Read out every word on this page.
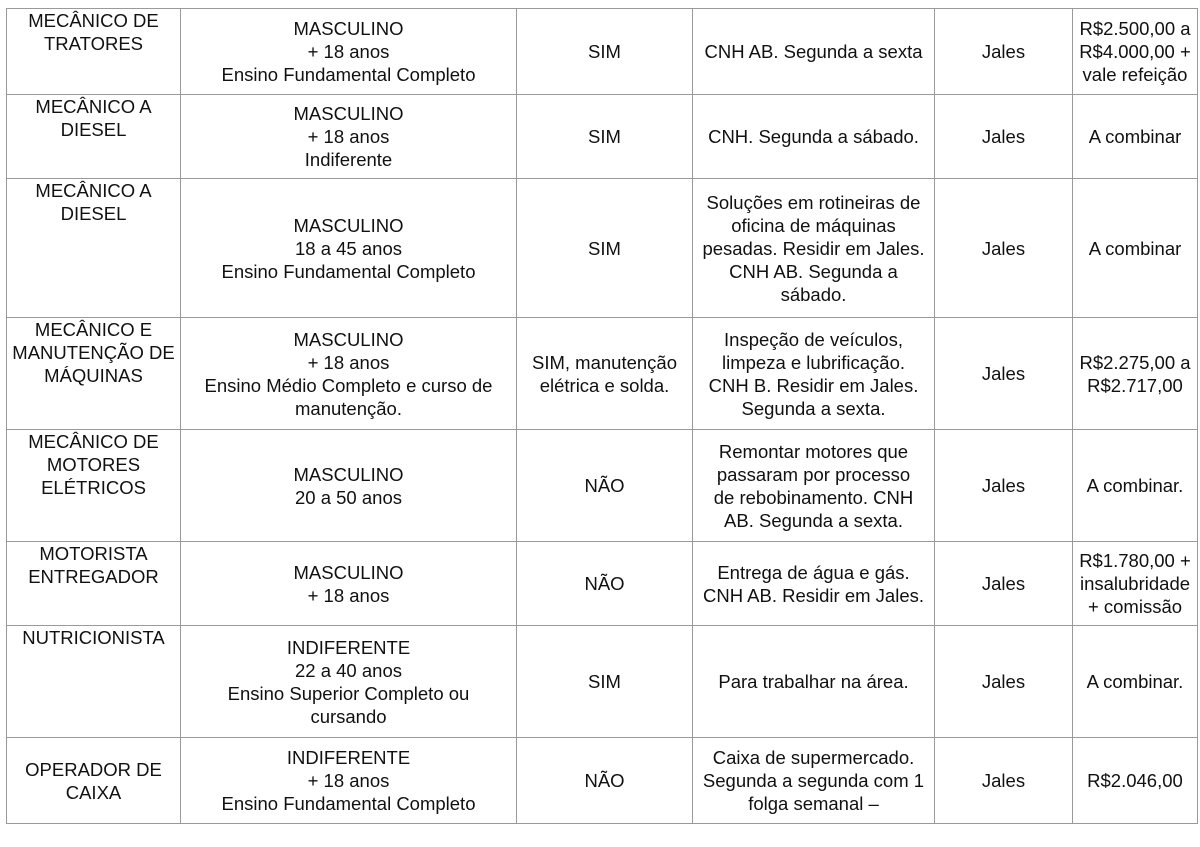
MECÂNICO DE
TRATORES	MASCULINO
+ 18 anos
Ensino Fundamental Completo	SIM	CNH AB. Segunda a sexta	Jales	R$2.500,00 a
R$4.000,00 +
vale refeição

MECÂNICO A
DIESEL	MASCULINO
+ 18 anos
Indiferente	SIM	CNH. Segunda a sábado.	Jales	A combinar

MECÂNICO A
DIESEL	MASCULINO
18 a 45 anos
Ensino Fundamental Completo	SIM	Soluções em rotineiras de
oficina de máquinas
pesadas. Residir em Jales.
CNH AB. Segunda a
sábado.	Jales	A combinar

MECÂNICO E
MANUTENÇÃO DE
MÁQUINAS	MASCULINO
+ 18 anos
Ensino Médio Completo e curso de
manutenção.	SIM, manutenção
elétrica e solda.	Inspeção de veículos,
limpeza e lubrificação.
CNH B. Residir em Jales.
Segunda a sexta.	Jales	R$2.275,00 a
R$2.717,00

MECÂNICO DE
MOTORES
ELÉTRICOS	MASCULINO
20 a 50 anos	NÃO	Remontar motores que
passaram por processo
de rebobinamento. CNH
AB. Segunda a sexta.	Jales	A combinar.

MOTORISTA
ENTREGADOR	MASCULINO
+ 18 anos	NÃO	Entrega de água e gás.
CNH AB. Residir em Jales.	Jales	R$1.780,00 +
insalubridade
+ comissão

NUTRICIONISTA	INDIFERENTE
22 a 40 anos
Ensino Superior Completo ou
cursando	SIM	Para trabalhar na área.	Jales	A combinar.

OPERADOR DE
CAIXA	INDIFERENTE
+ 18 anos
Ensino Fundamental Completo	NÃO	Caixa de supermercado.
Segunda a segunda com 1
folga semanal –	Jales	R$2.046,00
